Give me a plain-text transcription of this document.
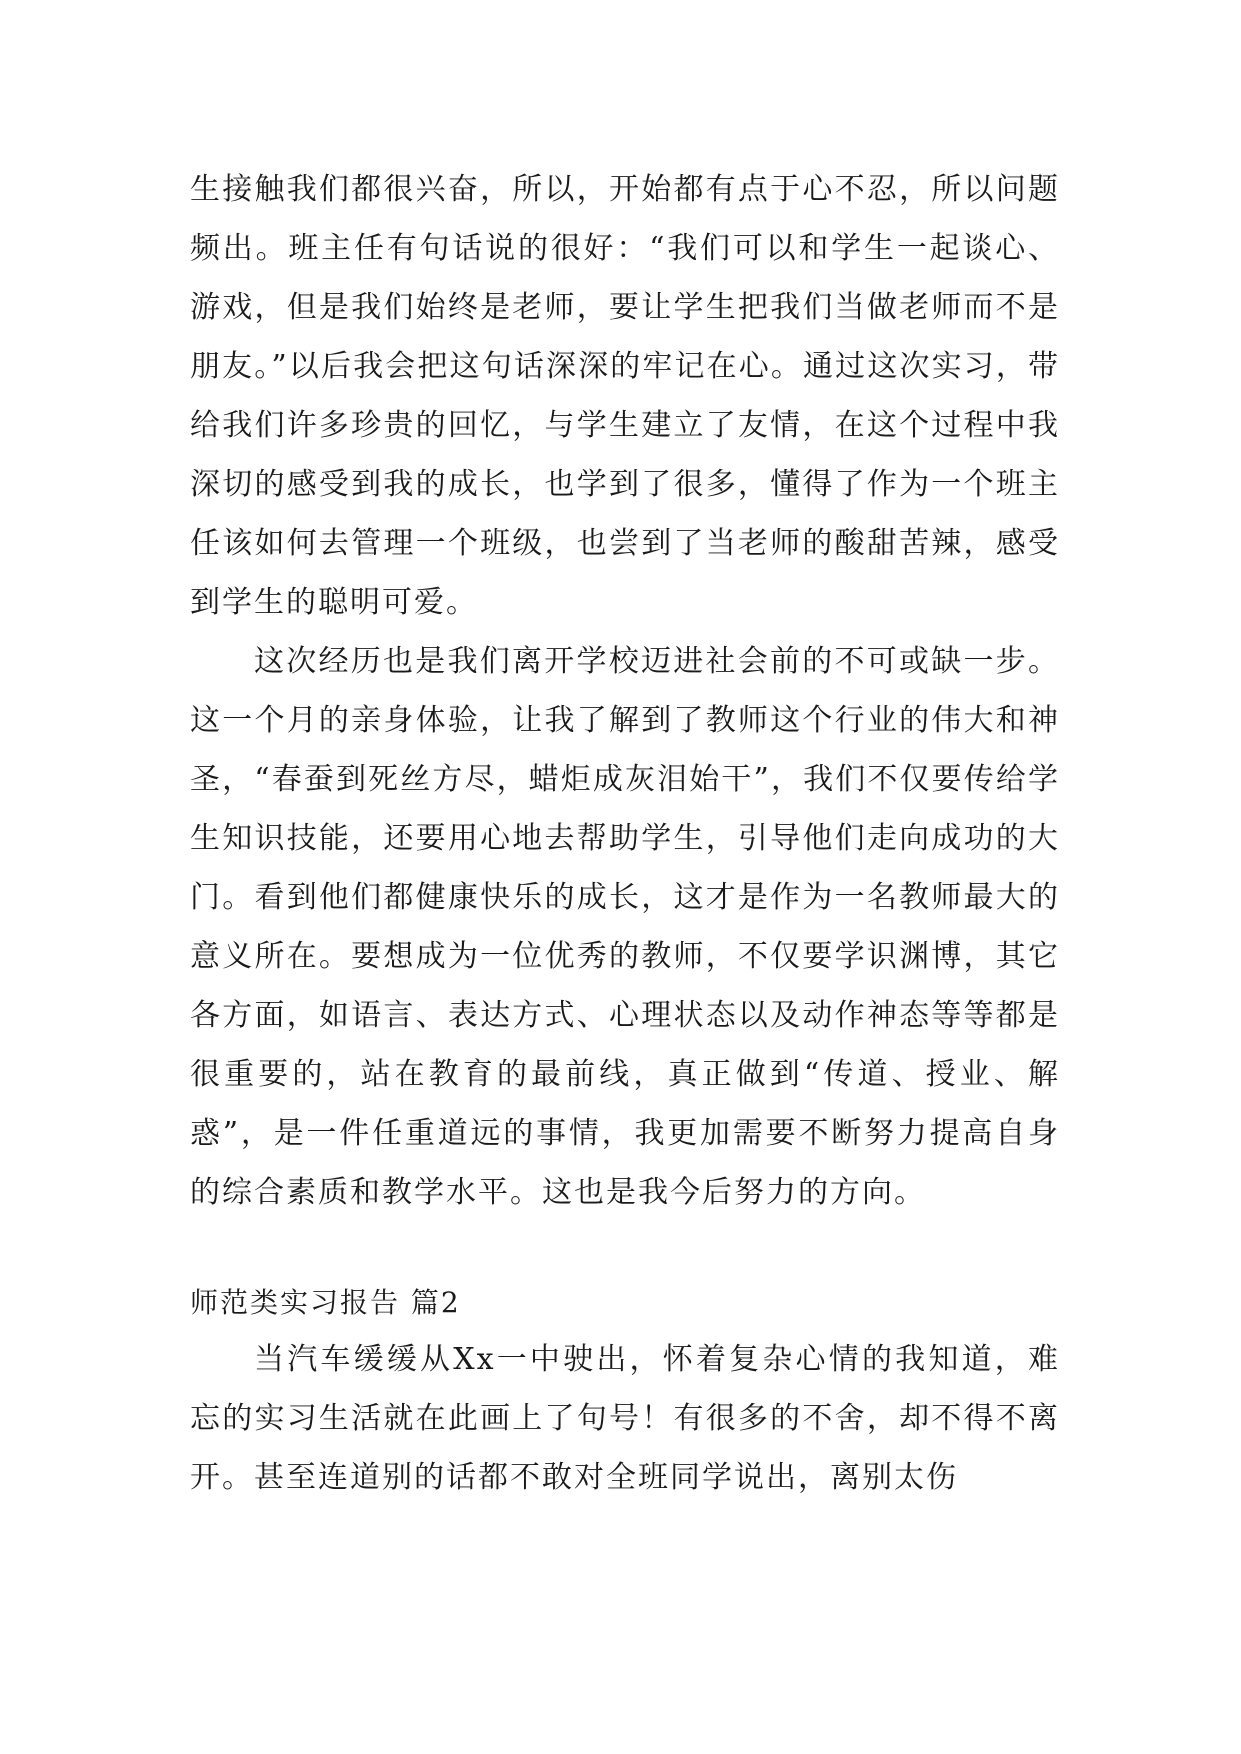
生接触我们都很兴奋，所以，开始都有点于心不忍，所以问题频出。班主任有句话说的很好：“我们可以和学生一起谈心、游戏，但是我们始终是老师，要让学生把我们当做老师而不是朋友。”以后我会把这句话深深的牢记在心。通过这次实习，带给我们许多珍贵的回忆，与学生建立了友情，在这个过程中我深切的感受到我的成长，也学到了很多，懂得了作为一个班主任该如何去管理一个班级，也尝到了当老师的酸甜苦辣，感受到学生的聪明可爱。

这次经历也是我们离开学校迈进社会前的不可或缺一步。这一个月的亲身体验，让我了解到了教师这个行业的伟大和神圣，“春蚕到死丝方尽，蜡炬成灰泪始干”，我们不仅要传给学生知识技能，还要用心地去帮助学生，引导他们走向成功的大门。看到他们都健康快乐的成长，这才是作为一名教师最大的意义所在。要想成为一位优秀的教师，不仅要学识渊博，其它各方面，如语言、表达方式、心理状态以及动作神态等等都是很重要的，站在教育的最前线，真正做到“传道、授业、解惑”，是一件任重道远的事情，我更加需要不断努力提高自身的综合素质和教学水平。这也是我今后努力的方向。

师范类实习报告 篇2

当汽车缓缓从Xx一中驶出，怀着复杂心情的我知道，难忘的实习生活就在此画上了句号！有很多的不舍，却不得不离开。甚至连道别的话都不敢对全班同学说出，离别太伤
